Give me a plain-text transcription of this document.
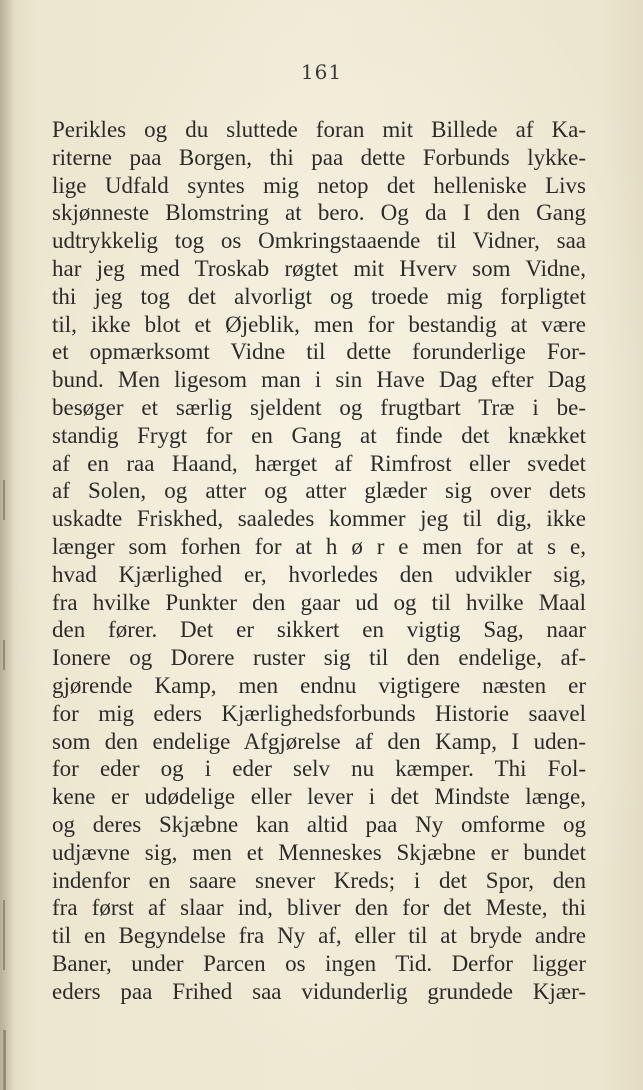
161
Perikles og du sluttede foran mit Billede af Ka-
riterne paa Borgen, thi paa dette Forbunds lykke-
lige Udfald syntes mig netop det helleniske Livs
skjønneste Blomstring at bero. Og da I den Gang
udtrykkelig tog os Omkringstaaende til Vidner, saa
har jeg med Troskab røgtet mit Hverv som Vidne,
thi jeg tog det alvorligt og troede mig forpligtet
til, ikke blot et Øjeblik, men for bestandig at være
et opmærksomt Vidne til dette forunderlige For-
bund. Men ligesom man i sin Have Dag efter Dag
besøger et særlig sjeldent og frugtbart Træ i be-
standig Frygt for en Gang at finde det knækket
af en raa Haand, hærget af Rimfrost eller svedet
af Solen, og atter og atter glæder sig over dets
uskadte Friskhed, saaledes kommer jeg til dig, ikke
længer som forhen for at h ø r e men for at s e,
hvad Kjærlighed er, hvorledes den udvikler sig,
fra hvilke Punkter den gaar ud og til hvilke Maal
den fører. Det er sikkert en vigtig Sag, naar
Ionere og Dorere ruster sig til den endelige, af-
gjørende Kamp, men endnu vigtigere næsten er
for mig eders Kjærlighedsforbunds Historie saavel
som den endelige Afgjørelse af den Kamp, I uden-
for eder og i eder selv nu kæmper. Thi Fol-
kene er udødelige eller lever i det Mindste længe,
og deres Skjæbne kan altid paa Ny omforme og
udjævne sig, men et Menneskes Skjæbne er bundet
indenfor en saare snever Kreds; i det Spor, den
fra først af slaar ind, bliver den for det Meste, thi
til en Begyndelse fra Ny af, eller til at bryde andre
Baner, under Parcen os ingen Tid. Derfor ligger
eders paa Frihed saa vidunderlig grundede Kjær-
